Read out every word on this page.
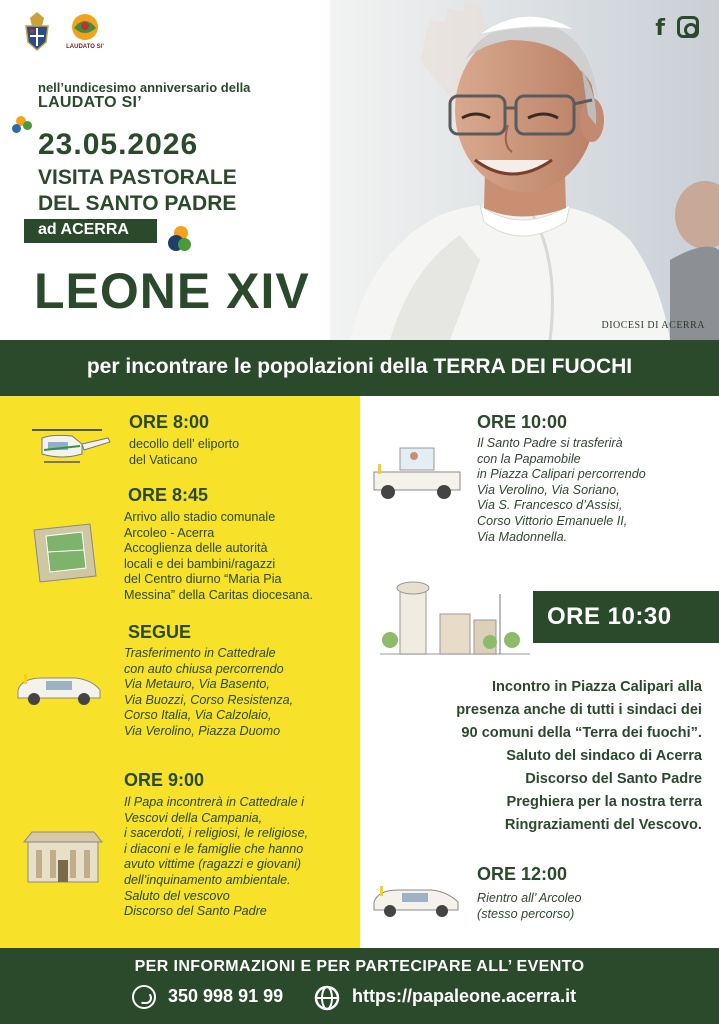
LAUDATO SI’
f
nell’undicesimo anniversario della
LAUDATO SI’
23.05.2026
VISITA PASTORALE
DEL SANTO PADRE
ad ACERRA
LEONE XIV
DIOCESI DI ACERRA
per incontrare le popolazioni della TERRA DEI FUOCHI
ORE 8:00
decollo dell’ eliporto
del Vaticano
ORE 8:45
Arrivo allo stadio comunale
Arcoleo - Acerra
Accoglienza delle autorità
locali e dei bambini/ragazzi
del Centro diurno “Maria Pia
Messina” della Caritas diocesana.
SEGUE
Trasferimento in Cattedrale
con auto chiusa percorrendo
Via Metauro, Via Basento,
Via Buozzi, Corso Resistenza,
Corso Italia, Via Calzolaio,
Via Verolino, Piazza Duomo
ORE 9:00
Il Papa incontrerà in Cattedrale i
Vescovi della Campania,
i sacerdoti, i religiosi, le religiose,
i diaconi e le famiglie che hanno
avuto vittime (ragazzi e giovani)
dell’inquinamento ambientale.
Saluto del vescovo
Discorso del Santo Padre
ORE 10:00
Il Santo Padre si trasferirà
con la Papamobile
in Piazza Calipari percorrendo
Via Verolino, Via Soriano,
Via S. Francesco d’Assisi,
Corso Vittorio Emanuele II,
Via Madonnella.
ORE 10:30
Incontro in Piazza Calipari alla
presenza anche di tutti i sindaci dei
90 comuni della “Terra dei fuochi”.
Saluto del sindaco di Acerra
Discorso del Santo Padre
Preghiera per la nostra terra
Ringraziamenti del Vescovo.
ORE 12:00
Rientro all’ Arcoleo
(stesso percorso)
PER INFORMAZIONI E PER PARTECIPARE ALL’ EVENTO
350 998 91 99	https://papaleone.acerra.it
